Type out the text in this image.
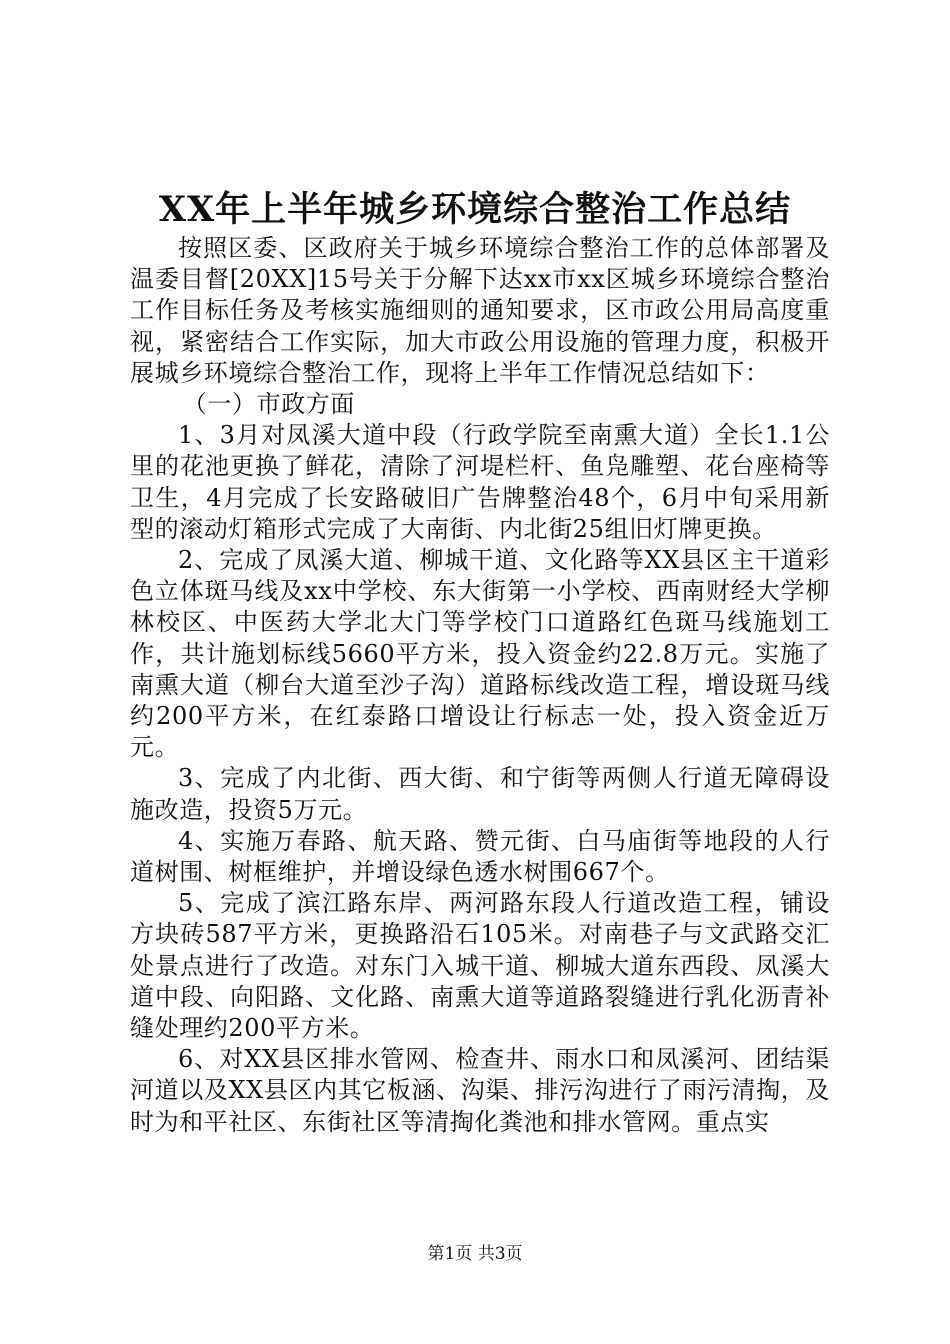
XX年上半年城乡环境综合整治工作总结

按照区委、区政府关于城乡环境综合整治工作的总体部署及温委目督[20XX]15号关于分解下达xx市xx区城乡环境综合整治工作目标任务及考核实施细则的通知要求，区市政公用局高度重视，紧密结合工作实际，加大市政公用设施的管理力度，积极开展城乡环境综合整治工作，现将上半年工作情况总结如下：

（一）市政方面

1、3月对凤溪大道中段（行政学院至南熏大道）全长1.1公里的花池更换了鲜花，清除了河堤栏杆、鱼凫雕塑、花台座椅等卫生，4月完成了长安路破旧广告牌整治48个，6月中旬采用新型的滚动灯箱形式完成了大南街、内北街25组旧灯牌更换。

2、完成了凤溪大道、柳城干道、文化路等XX县区主干道彩色立体斑马线及xx中学校、东大街第一小学校、西南财经大学柳林校区、中医药大学北大门等学校门口道路红色斑马线施划工作，共计施划标线5660平方米，投入资金约22.8万元。实施了南熏大道（柳台大道至沙子沟）道路标线改造工程，增设斑马线约200平方米，在红泰路口增设让行标志一处，投入资金近万元。

3、完成了内北街、西大街、和宁街等两侧人行道无障碍设施改造，投资5万元。

4、实施万春路、航天路、赞元街、白马庙街等地段的人行道树围、树框维护，并增设绿色透水树围667个。

5、完成了滨江路东岸、两河路东段人行道改造工程，铺设方块砖587平方米，更换路沿石105米。对南巷子与文武路交汇处景点进行了改造。对东门入城干道、柳城大道东西段、凤溪大道中段、向阳路、文化路、南熏大道等道路裂缝进行乳化沥青补缝处理约200平方米。

6、对XX县区排水管网、检查井、雨水口和凤溪河、团结渠河道以及XX县区内其它板涵、沟渠、排污沟进行了雨污清掏，及时为和平社区、东街社区等清掏化粪池和排水管网。重点实

第1页 共3页
